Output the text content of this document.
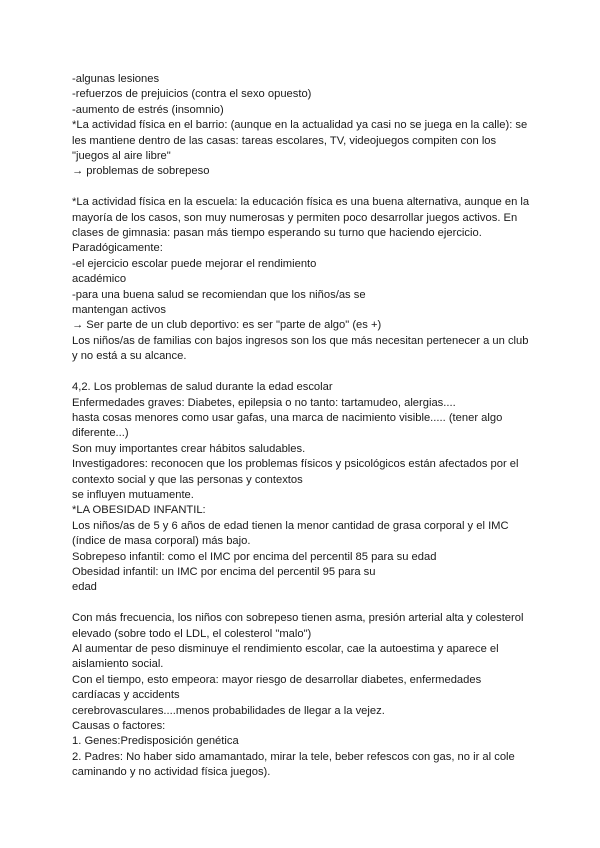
-algunas lesiones
-refuerzos de prejuicios (contra el sexo opuesto)
-aumento de estrés (insomnio)
*La actividad física en el barrio: (aunque en la actualidad ya casi no se juega en la calle): se
les mantiene dentro de las casas: tareas escolares, TV, videojuegos compiten con los
"juegos al aire libre"
→ problemas de sobrepeso
*La actividad física en la escuela: la educación física es una buena alternativa, aunque en la
mayoría de los casos, son muy numerosas y permiten poco desarrollar juegos activos. En
clases de gimnasia: pasan más tiempo esperando su turno que haciendo ejercicio.
Paradógicamente:
-el ejercicio escolar puede mejorar el rendimiento
académico
-para una buena salud se recomiendan que los niños/as se
mantengan activos
→ Ser parte de un club deportivo: es ser "parte de algo" (es +)
Los niños/as de familias con bajos ingresos son los que más necesitan pertenecer a un club
y no está a su alcance.
4,2. Los problemas de salud durante la edad escolar
Enfermedades graves: Diabetes, epilepsia o no tanto: tartamudeo, alergias....
hasta cosas menores como usar gafas, una marca de nacimiento visible..... (tener algo
diferente...)
Son muy importantes crear hábitos saludables.
Investigadores: reconocen que los problemas físicos y psicológicos están afectados por el
contexto social y que las personas y contextos
se influyen mutuamente.
*LA OBESIDAD INFANTIL:
Los niños/as de 5 y 6 años de edad tienen la menor cantidad de grasa corporal y el IMC
(índice de masa corporal) más bajo.
Sobrepeso infantil: como el IMC por encima del percentil 85 para su edad
Obesidad infantil: un IMC por encima del percentil 95 para su
edad
Con más frecuencia, los niños con sobrepeso tienen asma, presión arterial alta y colesterol
elevado (sobre todo el LDL, el colesterol "malo")
Al aumentar de peso disminuye el rendimiento escolar, cae la autoestima y aparece el
aislamiento social.
Con el tiempo, esto empeora: mayor riesgo de desarrollar diabetes, enfermedades
cardíacas y accidents
cerebrovasculares....menos probabilidades de llegar a la vejez.
Causas o factores:
1. Genes:Predisposición genética
2. Padres: No haber sido amamantado, mirar la tele, beber refescos con gas, no ir al cole
caminando y no actividad física juegos).
